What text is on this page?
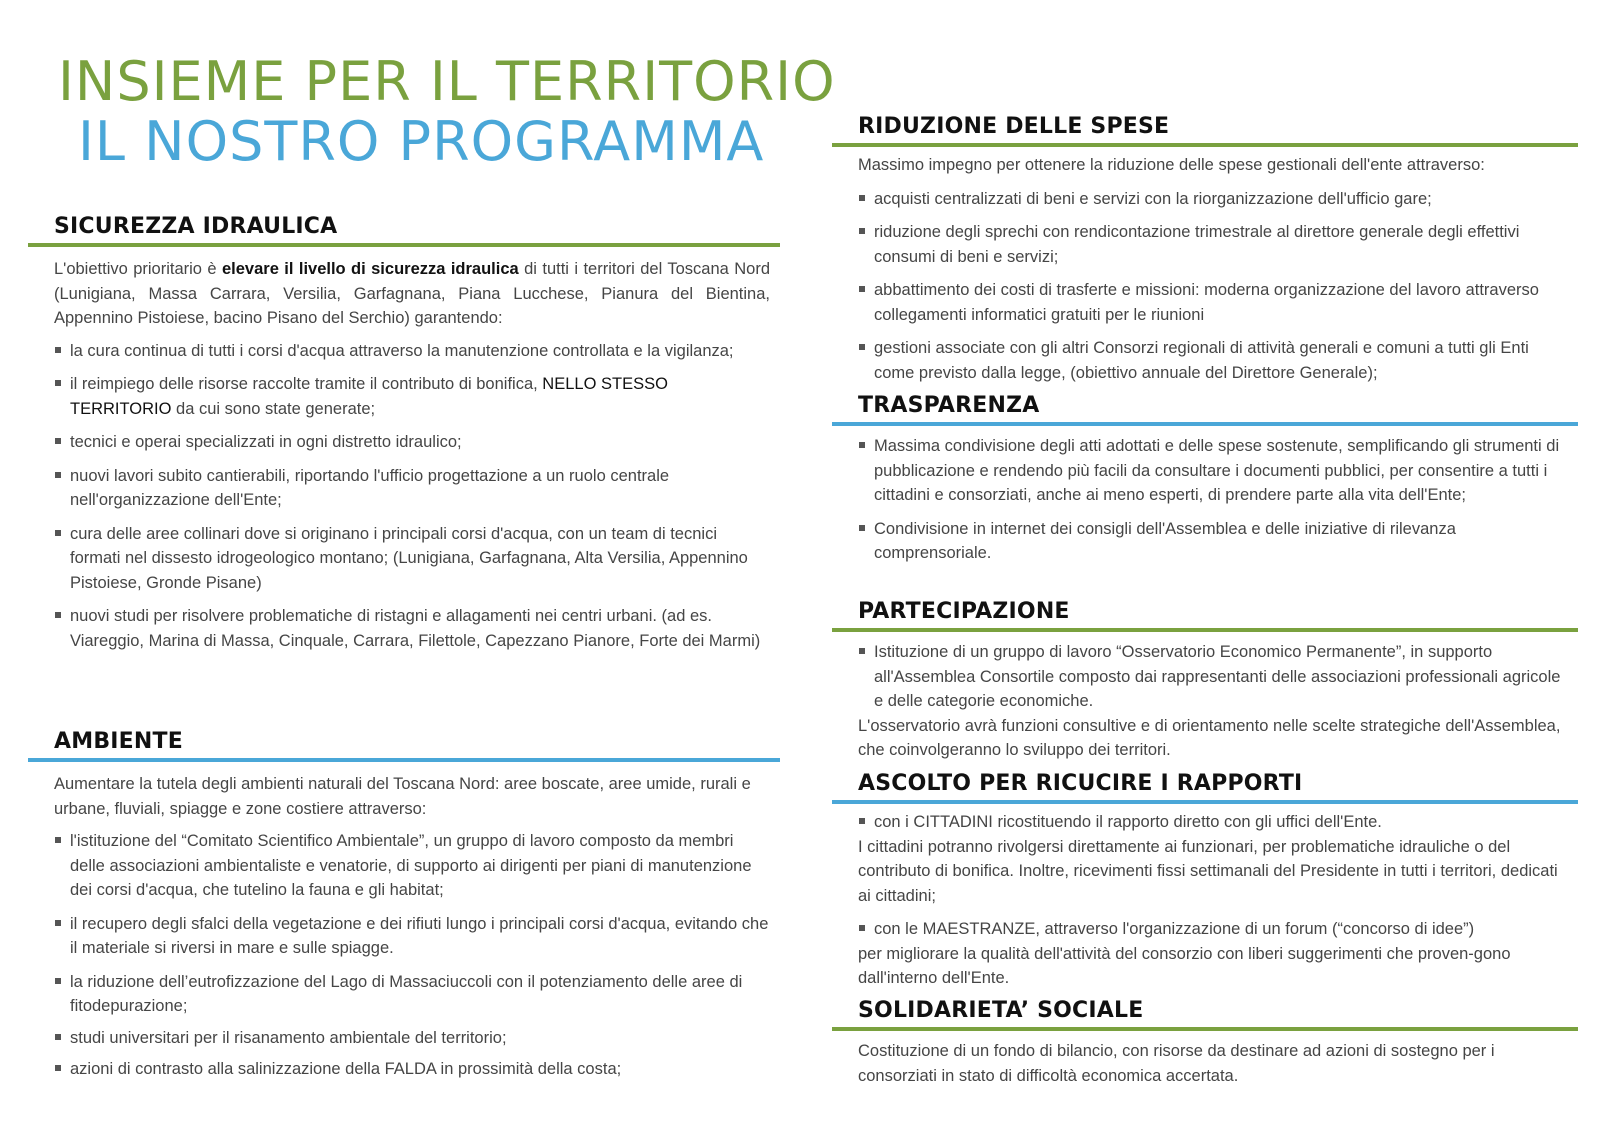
INSIEME PER IL TERRITORIO
IL NOSTRO PROGRAMMA
SICUREZZA IDRAULICA

L'obiettivo prioritario è elevare il livello di sicurezza idraulica di tutti i territori del Toscana Nord (Lunigiana, Massa Carrara, Versilia, Garfagnana, Piana Lucchese, Pianura del Bientina, Appennino Pistoiese, bacino Pisano del Serchio) garantendo:

la cura continua di tutti i corsi d'acqua attraverso la manutenzione controllata e la vigilanza;
il reimpiego delle risorse raccolte tramite il contributo di bonifica, NELLO STESSO TERRITORIO da cui sono state generate;
tecnici e operai specializzati in ogni distretto idraulico;
nuovi lavori subito cantierabili, riportando l'ufficio progettazione a un ruolo centrale nell'organizzazione dell'Ente;
cura delle aree collinari dove si originano i principali corsi d'acqua, con un team di tecnici formati nel dissesto idrogeologico montano; (Lunigiana, Garfagnana, Alta Versilia, Appennino Pistoiese, Gronde Pisane)
nuovi studi per risolvere problematiche di ristagni e allagamenti nei centri urbani. (ad es. Viareggio, Marina di Massa, Cinquale, Carrara, Filettole, Capezzano Pianore, Forte dei Marmi)
AMBIENTE

Aumentare la tutela degli ambienti naturali del Toscana Nord: aree boscate, aree umide, rurali e urbane, fluviali, spiagge e zone costiere attraverso:

l'istituzione del “Comitato Scientifico Ambientale”, un gruppo di lavoro composto da membri delle associazioni ambientaliste e venatorie, di supporto ai dirigenti per piani di manutenzione dei corsi d'acqua, che tutelino la fauna e gli habitat;
il recupero degli sfalci della vegetazione e dei rifiuti lungo i principali corsi d'acqua, evitando che il materiale si riversi in mare e sulle spiagge.
la riduzione dell’eutrofizzazione del Lago di Massaciuccoli con il potenziamento delle aree di fitodepurazione;
studi universitari per il risanamento ambientale del territorio;
azioni di contrasto alla salinizzazione della FALDA in prossimità della costa;
RIDUZIONE DELLE SPESE

Massimo impegno per ottenere la riduzione delle spese gestionali dell'ente attraverso:

acquisti centralizzati di beni e servizi con la riorganizzazione dell'ufficio gare;
riduzione degli sprechi con rendicontazione trimestrale al direttore generale degli effettivi consumi di beni e servizi;
abbattimento dei costi di trasferte e missioni: moderna organizzazione del lavoro attraverso collegamenti informatici gratuiti per le riunioni
gestioni associate con gli altri Consorzi regionali di attività generali e comuni a tutti gli Enti come previsto dalla legge, (obiettivo annuale del Direttore Generale);
TRASPARENZA
Massima condivisione degli atti adottati e delle spese sostenute, semplificando gli strumenti di pubblicazione e rendendo più facili da consultare i documenti pubblici, per consentire a tutti i cittadini e consorziati, anche ai meno esperti, di prendere parte alla vita dell'Ente;
Condivisione in internet dei consigli dell'Assemblea e delle iniziative di rilevanza comprensoriale.
PARTECIPAZIONE
Istituzione di un gruppo di lavoro “Osservatorio Economico Permanente”, in supporto all'Assemblea Consortile composto dai rappresentanti delle associazioni professionali agricole e delle categorie economiche.

L'osservatorio avrà funzioni consultive e di orientamento nelle scelte strategiche dell'Assemblea, che coinvolgeranno lo sviluppo dei territori.

ASCOLTO PER RICUCIRE I RAPPORTI
con i CITTADINI ricostituendo il rapporto diretto con gli uffici dell'Ente.

I cittadini potranno rivolgersi direttamente ai funzionari, per problematiche idrauliche o del contributo di bonifica. Inoltre, ricevimenti fissi settimanali del Presidente in tutti i territori, dedicati ai cittadini;

con le MAESTRANZE, attraverso l'organizzazione di un forum (“concorso di idee”)

per migliorare la qualità dell'attività del consorzio con liberi suggerimenti che proven-gono dall'interno dell'Ente.

SOLIDARIETA’ SOCIALE

Costituzione di un fondo di bilancio, con risorse da destinare ad azioni di sostegno per i consorziati in stato di difficoltà economica accertata.
